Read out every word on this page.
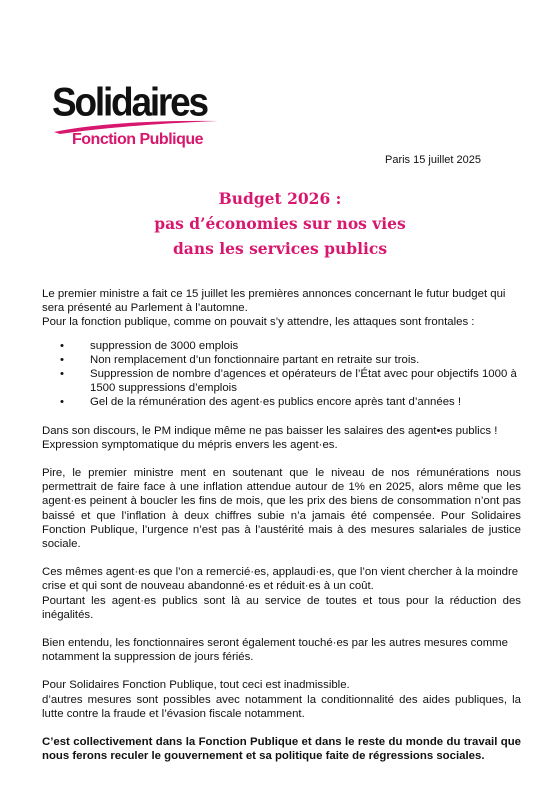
Solidaires
Fonction Publique
Paris 15 juillet 2025
Budget 2026 :
pas d’économies sur nos vies
dans les services publics

Le premier ministre a fait ce 15 juillet les premières annonces concernant le futur budget qui sera présenté au Parlement à l’automne.

Pour la fonction publique, comme on pouvait s’y attendre, les attaques sont frontales :

• suppression de 3000 emplois
• Non remplacement d’un fonctionnaire partant en retraite sur trois.
• Suppression de nombre d’agences et opérateurs de l’État avec pour objectifs 1000 à 1500 suppressions d’emplois
• Gel de la rémunération des agent·es publics encore après tant d’années !

Dans son discours, le PM indique même ne pas baisser les salaires des agent•es publics !

Expression symptomatique du mépris envers les agent·es.

Pire, le premier ministre ment en soutenant que le niveau de nos rémunérations nous permettrait de faire face à une inflation attendue autour de 1% en 2025, alors même que les agent·es peinent à boucler les fins de mois, que les prix des biens de consommation n’ont pas baissé et que l’inflation à deux chiffres subie n’a jamais été compensée. Pour Solidaires Fonction Publique, l’urgence n’est pas à l’austérité mais à des mesures salariales de justice sociale.

Ces mêmes agent·es que l’on a remercié·es, applaudi·es, que l’on vient chercher à la moindre crise et qui sont de nouveau abandonné·es et réduit·es à un coût.

Pourtant les agent·es publics sont là au service de toutes et tous pour la réduction des inégalités.

Bien entendu, les fonctionnaires seront également touché·es par les autres mesures comme notamment la suppression de jours fériés.

Pour Solidaires Fonction Publique, tout ceci est inadmissible.

d’autres mesures sont possibles avec notamment la conditionnalité des aides publiques, la lutte contre la fraude et l’évasion fiscale notamment.

C’est collectivement dans la Fonction Publique et dans le reste du monde du travail que nous ferons reculer le gouvernement et sa politique faite de régressions sociales.
